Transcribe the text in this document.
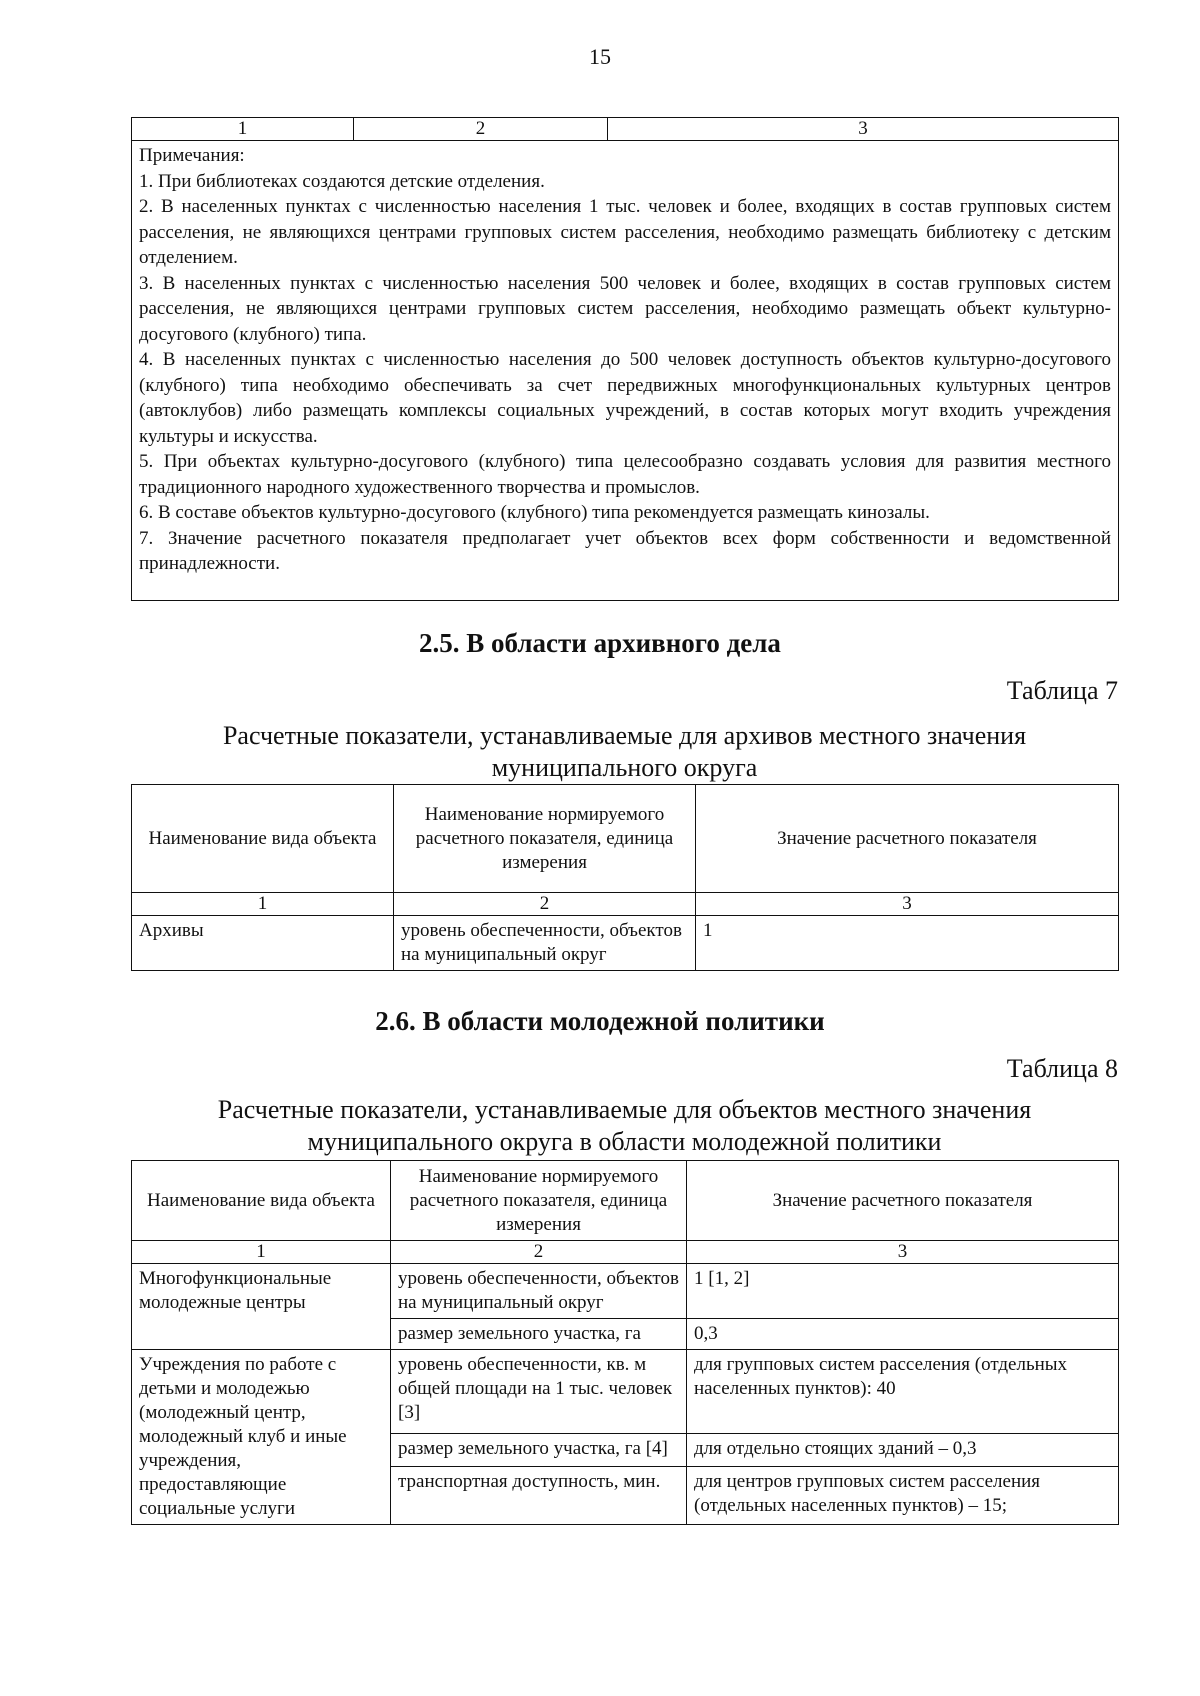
15
1	2	3

Примечания:
1. При библиотеках создаются детские отделения.
2. В населенных пунктах с численностью населения 1 тыс. человек и более, входящих в состав групповых систем расселения, не являющихся центрами групповых систем расселения, необходимо размещать библиотеку с детским отделением.
3. В населенных пунктах с численностью населения 500 человек и более, входящих в состав групповых систем расселения, не являющихся центрами групповых систем расселения, необходимо размещать объект культурно-досугового (клубного) типа.
4. В населенных пунктах с численностью населения до 500 человек доступность объектов культурно-досугового (клубного) типа необходимо обеспечивать за счет передвижных многофункциональных культурных центров (автоклубов) либо размещать комплексы социальных учреждений, в состав которых могут входить учреждения культуры и искусства.
5. При объектах культурно-досугового (клубного) типа целесообразно создавать условия для развития местного традиционного народного художественного творчества и промыслов.
6. В составе объектов культурно-досугового (клубного) типа рекомендуется размещать кинозалы.
7. Значение расчетного показателя предполагает учет объектов всех форм собственности и ведомственной принадлежности.
2.5. В области архивного дела
Таблица 7
Расчетные показатели, устанавливаемые для архивов местного значения муниципального округа
Наименование вида объекта	Наименование нормируемого расчетного показателя, единица измерения	Значение расчетного показателя
1	2	3
Архивы	уровень обеспеченности, объектов на муниципальный округ	1
2.6. В области молодежной политики
Таблица 8
Расчетные показатели, устанавливаемые для объектов местного значения муниципального округа в области молодежной политики
Наименование вида объекта	Наименование нормируемого расчетного показателя, единица измерения	Значение расчетного показателя
1	2	3
Многофункциональные молодежные центры	уровень обеспеченности, объектов на муниципальный округ	1 [1, 2]
	размер земельного участка, га	0,3
Учреждения по работе с детьми и молодежью (молодежный центр, молодежный клуб и иные учреждения, предоставляющие социальные услуги	уровень обеспеченности, кв. м общей площади на 1 тыс. человек [3]	для групповых систем расселения (отдельных населенных пунктов): 40
	размер земельного участка, га [4]	для отдельно стоящих зданий – 0,3
	транспортная доступность, мин.	для центров групповых систем расселения (отдельных населенных пунктов) – 15;
